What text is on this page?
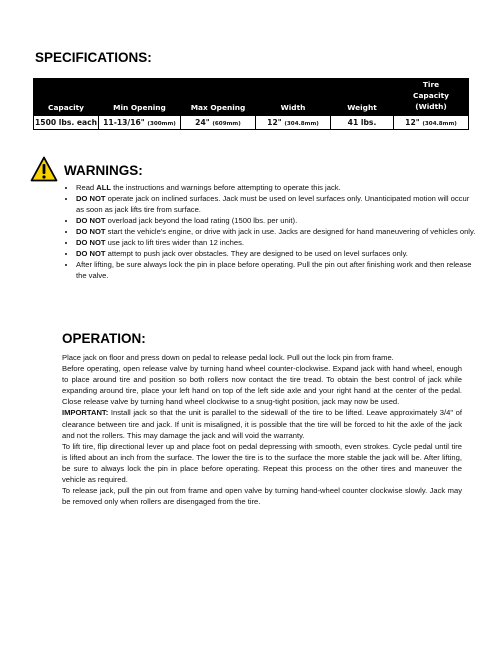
SPECIFICATIONS:
Capacity	Min Opening	Max Opening	Width	Weight	Tire
Capacity (Width)

1500 lbs. each	11-13/16" (300mm)	24" (609mm)	12" (304.8mm)	41 lbs.	12" (304.8mm)
WARNINGS:
• Read ALL the instructions and warnings before attempting to operate this jack.
• DO NOT operate jack on inclined surfaces. Jack must be used on level surfaces only. Unanticipated motion will occur as soon as jack lifts tire from surface.
• DO NOT overload jack beyond the load rating (1500 lbs. per unit).
• DO NOT start the vehicle's engine, or drive with jack in use. Jacks are designed for hand maneuvering of vehicles only.
• DO NOT use jack to lift tires wider than 12 inches.
• DO NOT attempt to push jack over obstacles. They are designed to be used on level surfaces only.
• After lifting, be sure always lock the pin in place before operating. Pull the pin out after finishing work and then release the valve.
OPERATION:

Place jack on floor and press down on pedal to release pedal lock. Pull out the lock pin from frame.

Before operating, open release valve by turning hand wheel counter-clockwise. Expand jack with hand wheel, enough to place around tire and position so both rollers now contact the tire tread. To obtain the best control of jack while expanding around tire, place your left hand on top of the left side axle and your right hand at the center of the pedal. Close release valve by turning hand wheel clockwise to a snug-tight position, jack may now be used.

IMPORTANT: Install jack so that the unit is parallel to the sidewall of the tire to be lifted. Leave approximately 3/4" of clearance between tire and jack. If unit is misaligned, it is possible that the tire will be forced to hit the axle of the jack and not the rollers. This may damage the jack and will void the warranty.

To lift tire, flip directional lever up and place foot on pedal depressing with smooth, even strokes. Cycle pedal until tire is lifted about an inch from the surface. The lower the tire is to the surface the more stable the jack will be. After lifting, be sure to always lock the pin in place before operating. Repeat this process on the other tires and maneuver the vehicle as required.

To release jack, pull the pin out from frame and open valve by turning hand-wheel counter clockwise slowly. Jack may be removed only when rollers are disengaged from the tire.
